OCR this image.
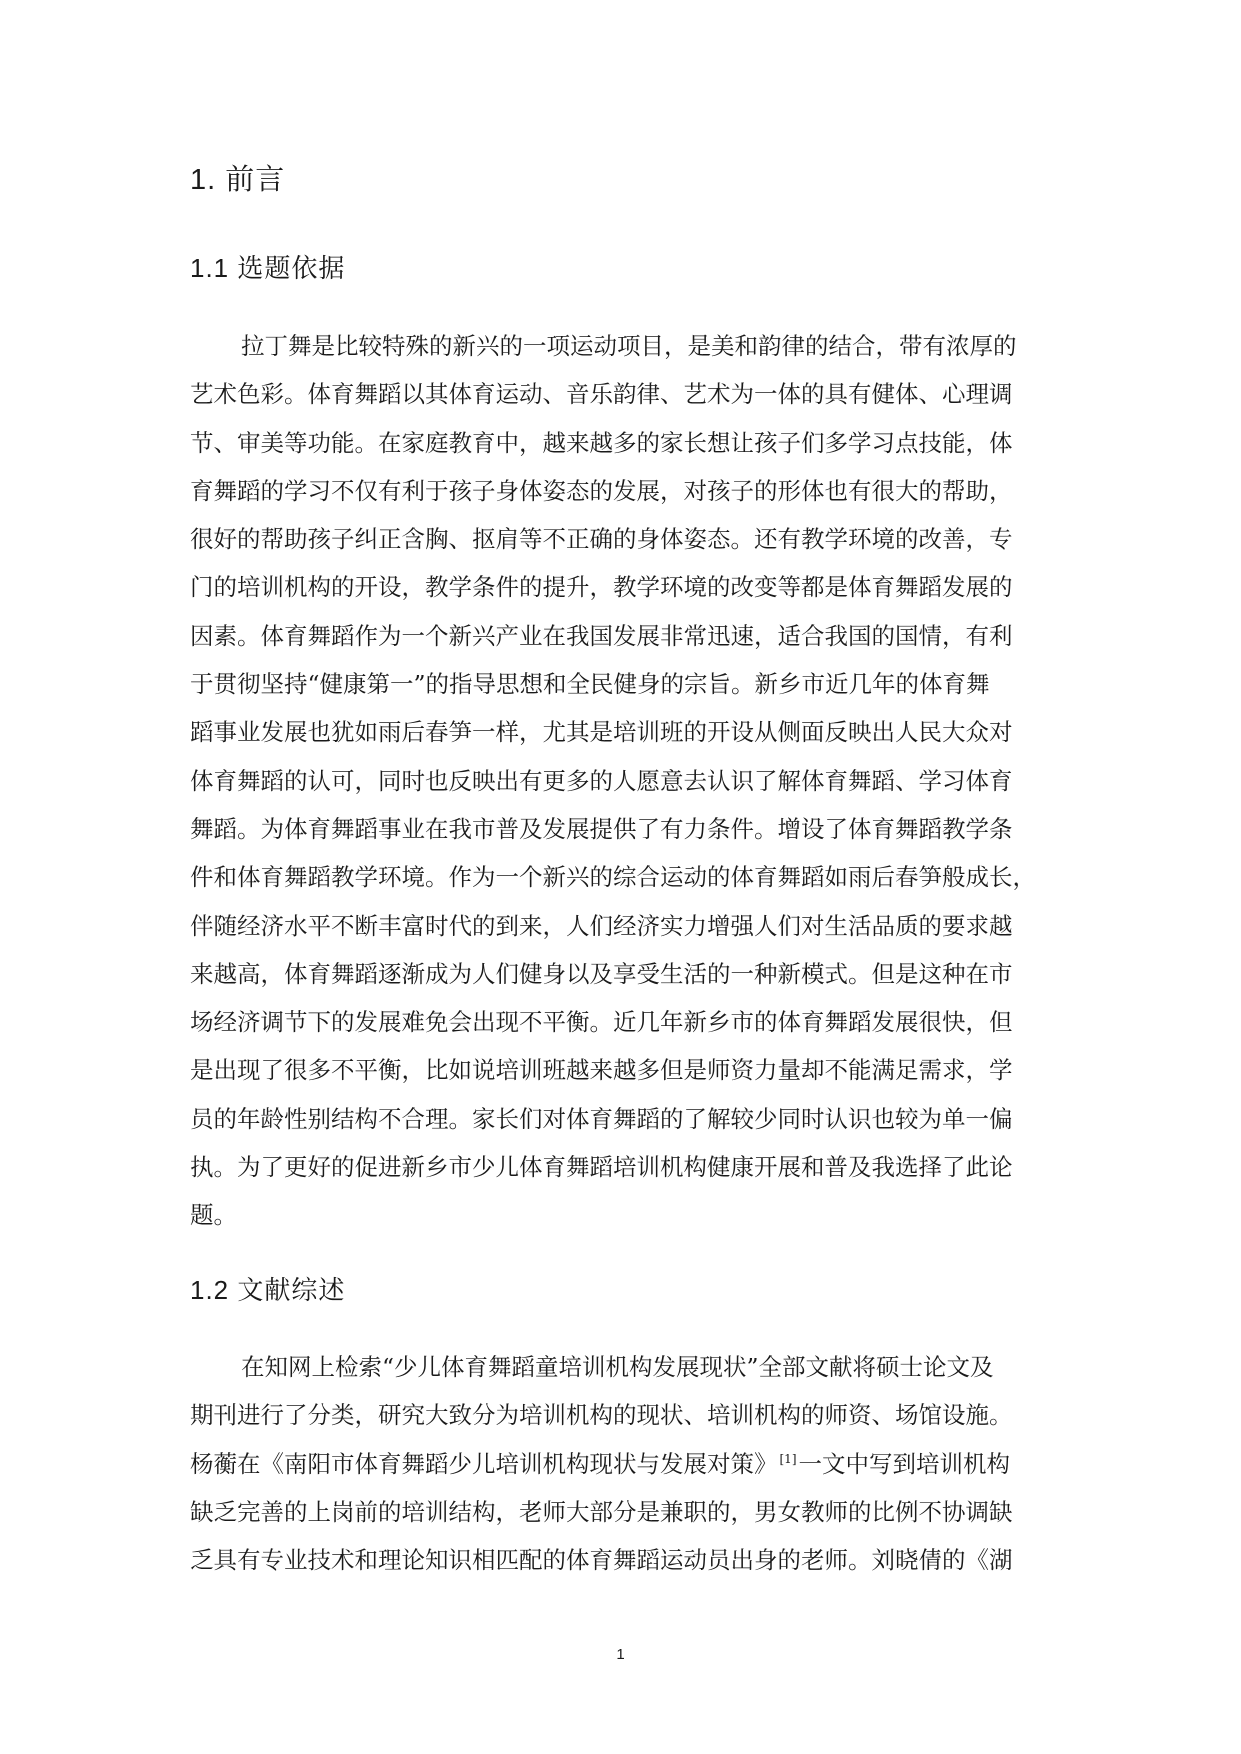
1. 前言
1.1 选题依据
拉丁舞是比较特殊的新兴的一项运动项目，是美和韵律的结合，带有浓厚的
艺术色彩。体育舞蹈以其体育运动、音乐韵律、艺术为一体的具有健体、心理调
节、审美等功能。在家庭教育中，越来越多的家长想让孩子们多学习点技能，体
育舞蹈的学习不仅有利于孩子身体姿态的发展，对孩子的形体也有很大的帮助，
很好的帮助孩子纠正含胸、抠肩等不正确的身体姿态。还有教学环境的改善，专
门的培训机构的开设，教学条件的提升，教学环境的改变等都是体育舞蹈发展的
因素。体育舞蹈作为一个新兴产业在我国发展非常迅速，适合我国的国情，有利
于贯彻坚持“健康第一”的指导思想和全民健身的宗旨。新乡市近几年的体育舞
蹈事业发展也犹如雨后春笋一样，尤其是培训班的开设从侧面反映出人民大众对
体育舞蹈的认可，同时也反映出有更多的人愿意去认识了解体育舞蹈、学习体育
舞蹈。为体育舞蹈事业在我市普及发展提供了有力条件。增设了体育舞蹈教学条
件和体育舞蹈教学环境。作为一个新兴的综合运动的体育舞蹈如雨后春笋般成长，
伴随经济水平不断丰富时代的到来，人们经济实力增强人们对生活品质的要求越
来越高，体育舞蹈逐渐成为人们健身以及享受生活的一种新模式。但是这种在市
场经济调节下的发展难免会出现不平衡。近几年新乡市的体育舞蹈发展很快，但
是出现了很多不平衡，比如说培训班越来越多但是师资力量却不能满足需求，学
员的年龄性别结构不合理。家长们对体育舞蹈的了解较少同时认识也较为单一偏
执。为了更好的促进新乡市少儿体育舞蹈培训机构健康开展和普及我选择了此论
题。
1.2 文献综述
在知网上检索“少儿体育舞蹈童培训机构发展现状”全部文献将硕士论文及
期刊进行了分类，研究大致分为培训机构的现状、培训机构的师资、场馆设施。
杨蘅在《南阳市体育舞蹈少儿培训机构现状与发展对策》 [1]一文中写到培训机构
缺乏完善的上岗前的培训结构，老师大部分是兼职的，男女教师的比例不协调缺
乏具有专业技术和理论知识相匹配的体育舞蹈运动员出身的老师。刘晓倩的《湖
1
